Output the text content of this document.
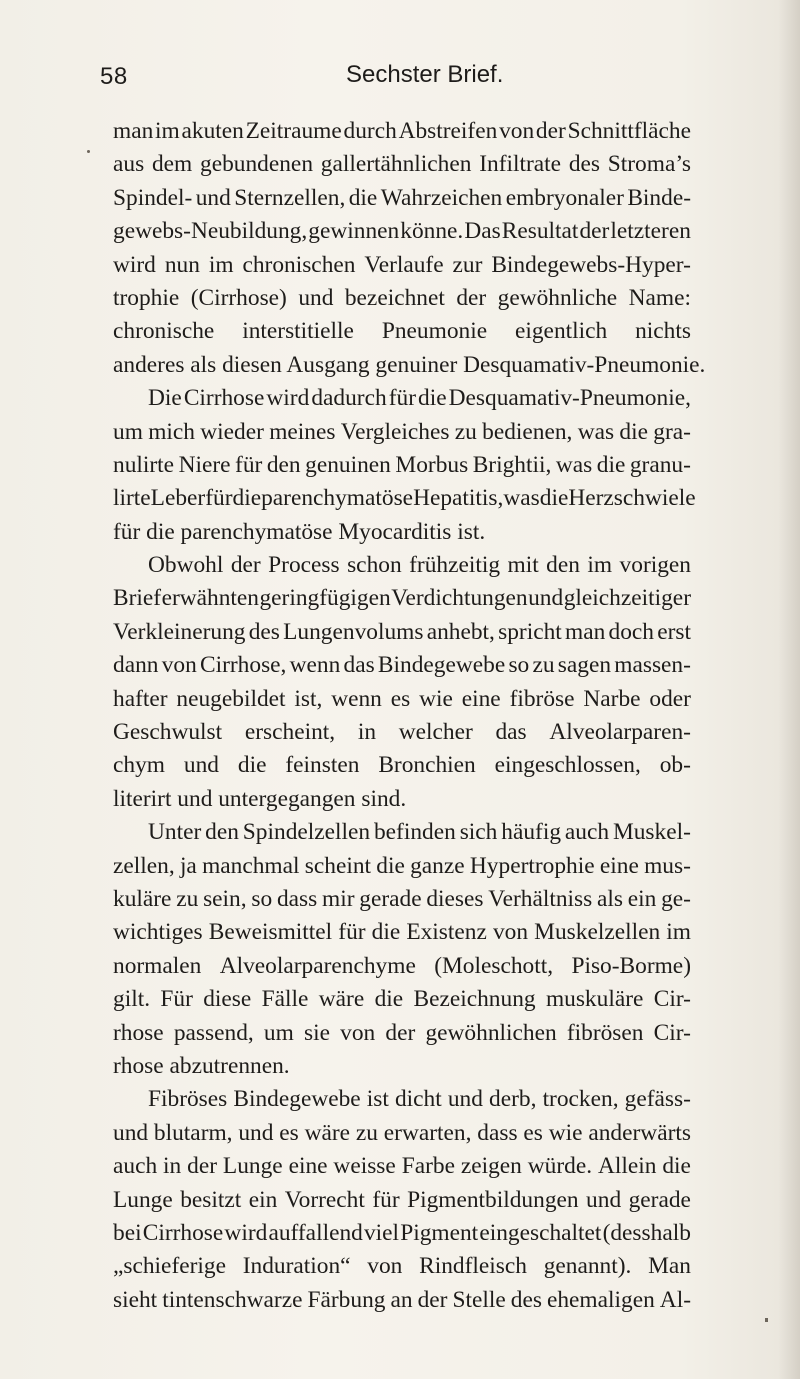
58	Sechster Brief.
man im akuten Zeitraume durch Abstreifen von der Schnittfläche
aus dem gebundenen gallertähnlichen Infiltrate des Stroma’s
Spindel- und Sternzellen, die Wahrzeichen embryonaler Binde-
gewebs-Neubildung, gewinnen könne. Das Resultat der letzteren
wird nun im chronischen Verlaufe zur Bindegewebs-Hyper-
trophie (Cirrhose) und bezeichnet der gewöhnliche Name:
chronische interstitielle Pneumonie eigentlich nichts
anderes als diesen Ausgang genuiner Desquamativ-Pneumonie.
Die Cirrhose wird dadurch für die Desquamativ-Pneumonie,
um mich wieder meines Vergleiches zu bedienen, was die gra-
nulirte Niere für den genuinen Morbus Brightii, was die granu-
lirte Leber für die parenchymatöse Hepatitis, was die Herzschwiele
für die parenchymatöse Myocarditis ist.
Obwohl der Process schon frühzeitig mit den im vorigen
Brief erwähnten geringfügigen Verdichtungen und gleichzeitiger
Verkleinerung des Lungenvolums anhebt, spricht man doch erst
dann von Cirrhose, wenn das Bindegewebe so zu sagen massen-
hafter neugebildet ist, wenn es wie eine fibröse Narbe oder
Geschwulst erscheint, in welcher das Alveolarparen-
chym und die feinsten Bronchien eingeschlossen, ob-
literirt und untergegangen sind.
Unter den Spindelzellen befinden sich häufig auch Muskel-
zellen, ja manchmal scheint die ganze Hypertrophie eine mus-
kuläre zu sein, so dass mir gerade dieses Verhältniss als ein ge-
wichtiges Beweismittel für die Existenz von Muskelzellen im
normalen Alveolarparenchyme (Moleschott, Piso-Borme)
gilt. Für diese Fälle wäre die Bezeichnung muskuläre Cir-
rhose passend, um sie von der gewöhnlichen fibrösen Cir-
rhose abzutrennen.
Fibröses Bindegewebe ist dicht und derb, trocken, gefäss-
und blutarm, und es wäre zu erwarten, dass es wie anderwärts
auch in der Lunge eine weisse Farbe zeigen würde. Allein die
Lunge besitzt ein Vorrecht für Pigmentbildungen und gerade
bei Cirrhose wird auffallend viel Pigment eingeschaltet (desshalb
„schieferige Induration“ von Rindfleisch genannt). Man
sieht tintenschwarze Färbung an der Stelle des ehemaligen Al-
